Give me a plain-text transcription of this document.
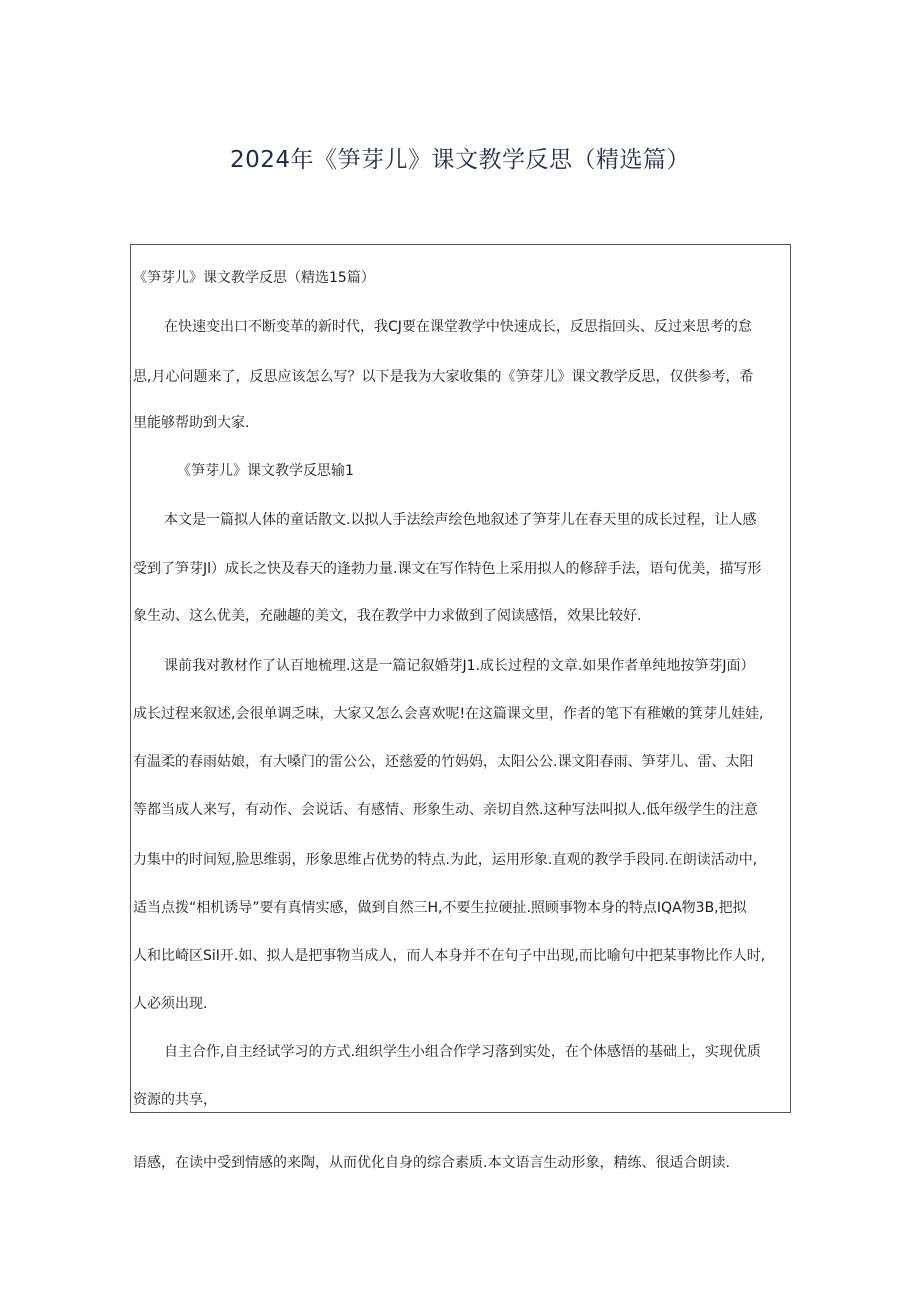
2024年《笋芽儿》课文教学反思（精选篇）
《笋芽儿》课文教学反思（精选15篇）
在快速变出口不断变革的新时代，我CJ要在课堂教学中快速成长，反思指回头、反过来思考的怠
思,月心问题来了，反思应该怎么写？以下是我为大家收集的《笋芽儿》课文教学反思，仅供参考，希
里能够帮助到大家.
《笋芽儿》课文教学反思输1
本文是一篇拟人体的童话散文.以拟人手法绘声绘色地叙述了笋芽儿在春天里的成长过程，让人感
受到了笋芽Jl）成长之快及春天的逢勃力量.课文在写作特色上采用拟人的修辞手法，语句优美，描写形
象生动、这么优美，充融趣的美文，我在教学中力求做到了阅读感悟，效果比较好.
课前我对教材作了认百地梳理.这是一篇记叙婚芽J1.成长过程的文章.如果作者单纯地按笋芽J面）
成长过程来叙述,会很单调乏味，大家又怎么会喜欢呢!在这篇课文里，作者的笔下有稚嫩的箕芽儿娃娃,
有温柔的春雨姑娘，有大嗓门的雷公公，还慈爱的竹妈妈，太阳公公.课文阳春雨、笋芽儿、雷、太阳
等都当成人来写，有动作、会说话、有感情、形象生动、亲切自然.这种写法叫拟人.低年级学生的注意
力集中的时间短,脸思维弱，形象思维占优势的特点.为此，运用形象.直观的教学手段同.在朗读活动中,
适当点拨“相机诱导”要有真情实感，做到自然三H,不要生拉硬扯.照顾事物本身的特点IQA物3B,把拟
人和比崎区SiI开.如、拟人是把事物当成人，而人本身并不在句子中出现,而比喻句中把某事物比作人时,
人必须出现.
自主合作,自主经试学习的方式.组织学生小组合作学习落到实处，在个体感悟的基础上，实现优质
资源的共享，
语感，在读中受到情感的来陶，从而优化自身的综合素质.本文语言生动形象，精练、很适合朗读.
